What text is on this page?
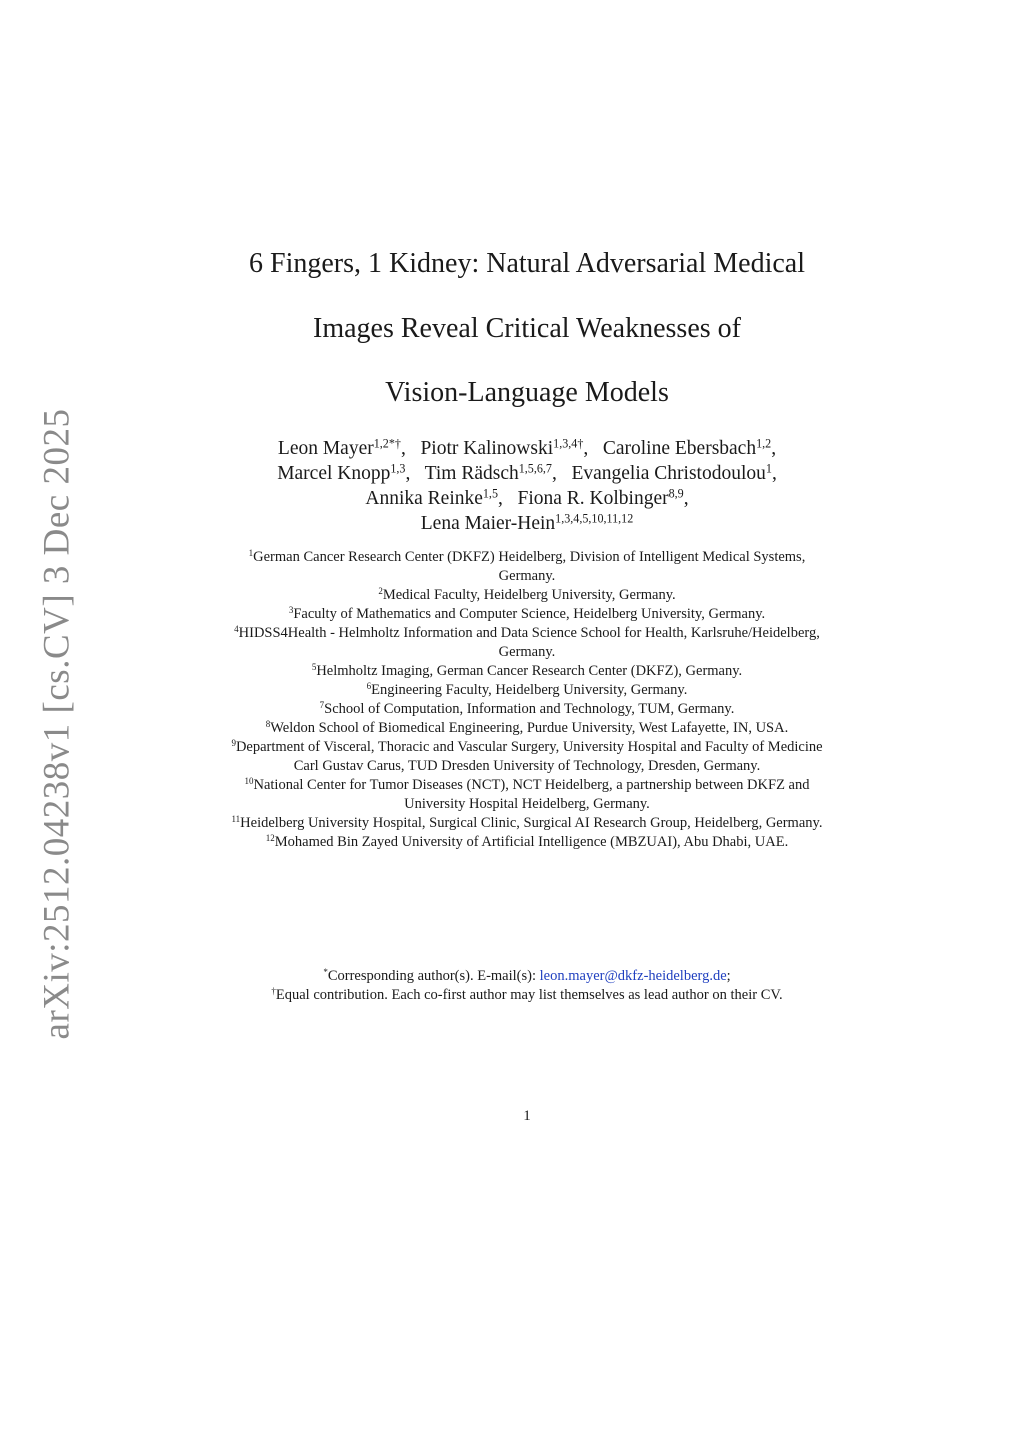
arXiv:2512.04238v1 [cs.CV] 3 Dec 2025
6 Fingers, 1 Kidney: Natural Adversarial Medical
Images Reveal Critical Weaknesses of
Vision-Language Models
Leon Mayer$^{1,2*\dagger}$, Piotr Kalinowski$^{1,3,4\dagger}$, Caroline Ebersbach$^{1,2}$,
Marcel Knopp$^{1,3}$, Tim Rädsch$^{1,5,6,7}$, Evangelia Christodoulou$^1$,
Annika Reinke$^{1,5}$, Fiona R. Kolbinger$^{8,9}$,
Lena Maier-Hein$^{1,3,4,5,10,11,12}$
$^1$German Cancer Research Center (DKFZ) Heidelberg, Division of Intelligent Medical Systems, Germany.
$^2$Medical Faculty, Heidelberg University, Germany.
$^3$Faculty of Mathematics and Computer Science, Heidelberg University, Germany.
$^4$HIDSS4Health - Helmholtz Information and Data Science School for Health, Karlsruhe/Heidelberg, Germany.
$^5$Helmholtz Imaging, German Cancer Research Center (DKFZ), Germany.
$^6$Engineering Faculty, Heidelberg University, Germany.
$^7$School of Computation, Information and Technology, TUM, Germany.
$^8$Weldon School of Biomedical Engineering, Purdue University, West Lafayette, IN, USA.
$^9$Department of Visceral, Thoracic and Vascular Surgery, University Hospital and Faculty of Medicine Carl Gustav Carus, TUD Dresden University of Technology, Dresden, Germany.
$^{10}$National Center for Tumor Diseases (NCT), NCT Heidelberg, a partnership between DKFZ and University Hospital Heidelberg, Germany.
$^{11}$Heidelberg University Hospital, Surgical Clinic, Surgical AI Research Group, Heidelberg, Germany.
$^{12}$Mohamed Bin Zayed University of Artificial Intelligence (MBZUAI), Abu Dhabi, UAE.
*Corresponding author(s). E-mail(s): leon.mayer@dkfz-heidelberg.de;
†Equal contribution. Each co-first author may list themselves as lead author on their CV.
1
